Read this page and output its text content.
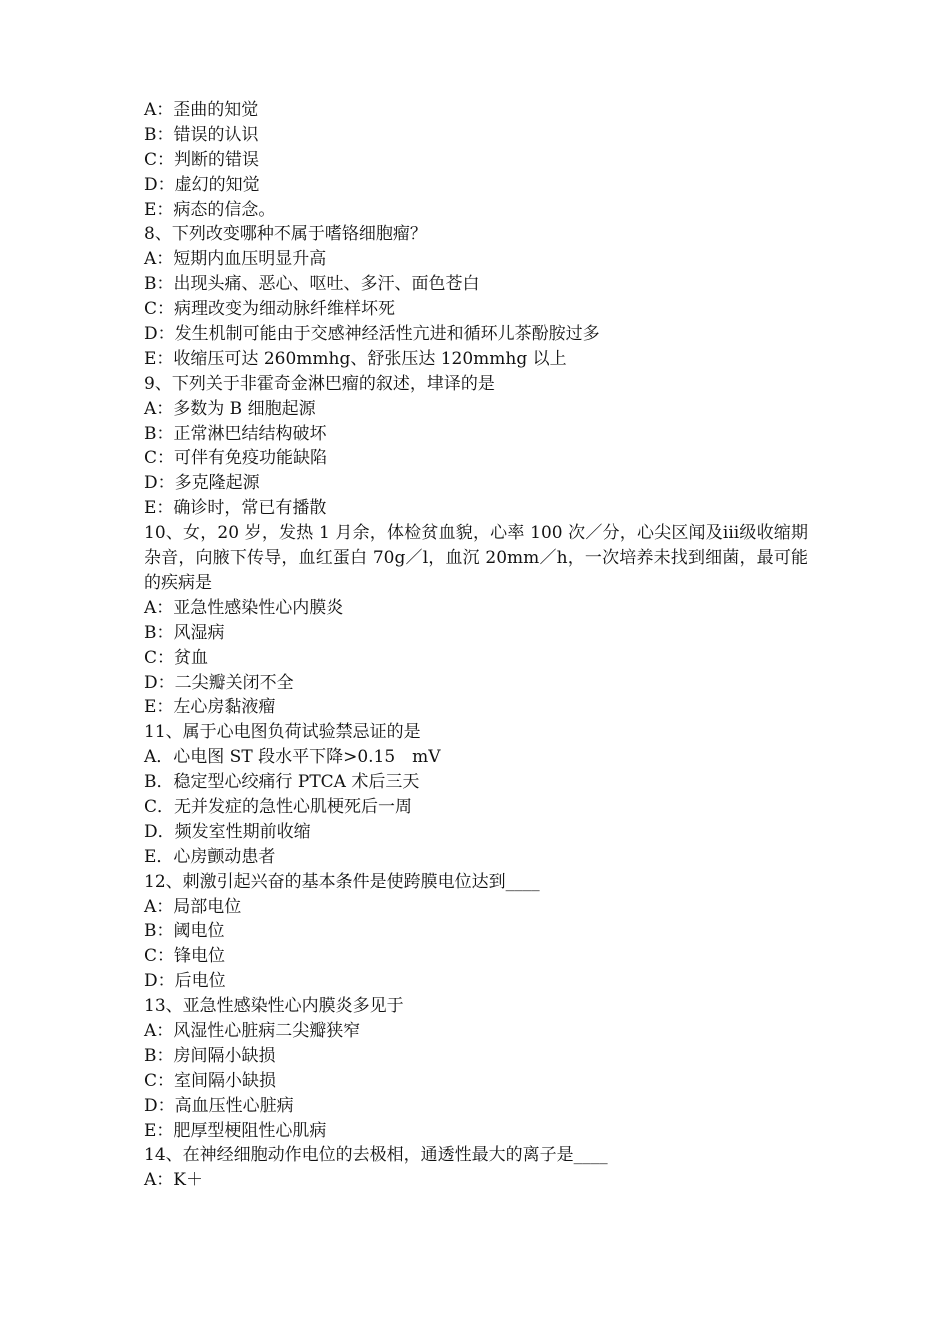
A：歪曲的知觉
B：错误的认识
C：判断的错误
D：虚幻的知觉
E：病态的信念。
8、下列改变哪种不属于嗜铬细胞瘤？
A：短期内血压明显升高
B：出现头痛、恶心、呕吐、多汗、面色苍白
C：病理改变为细动脉纤维样坏死
D：发生机制可能由于交感神经活性亢进和循环儿茶酚胺过多
E：收缩压可达 260mmhg、舒张压达 120mmhg 以上
9、下列关于非霍奇金淋巴瘤的叙述，垏译的是
A：多数为 B 细胞起源
B：正常淋巴结结构破坏
C：可伴有免疫功能缺陷
D：多克隆起源
E：确诊时，常已有播散
10、女，20 岁，发热 1 月余，体检贫血貌，心率 100 次／分，心尖区闻及iii级收缩期杂音，向腋下传导，血红蛋白 70g／l，血沉 20mm／h，一次培养未找到细菌，最可能的疾病是
A：亚急性感染性心内膜炎
B：风湿病
C：贫血
D：二尖瓣关闭不全
E：左心房黏液瘤
11、属于心电图负荷试验禁忌证的是
A．心电图 ST 段水平下降>0.15　mV
B．稳定型心绞痛行 PTCA 术后三天
C．无并发症的急性心肌梗死后一周
D．频发室性期前收缩
E．心房颤动患者
12、刺激引起兴奋的基本条件是使跨膜电位达到____
A：局部电位
B：阈电位
C：锋电位
D：后电位
13、亚急性感染性心内膜炎多见于
A：风湿性心脏病二尖瓣狭窄
B：房间隔小缺损
C：室间隔小缺损
D：高血压性心脏病
E：肥厚型梗阻性心肌病
14、在神经细胞动作电位的去极相，通透性最大的离子是____
A：K＋
